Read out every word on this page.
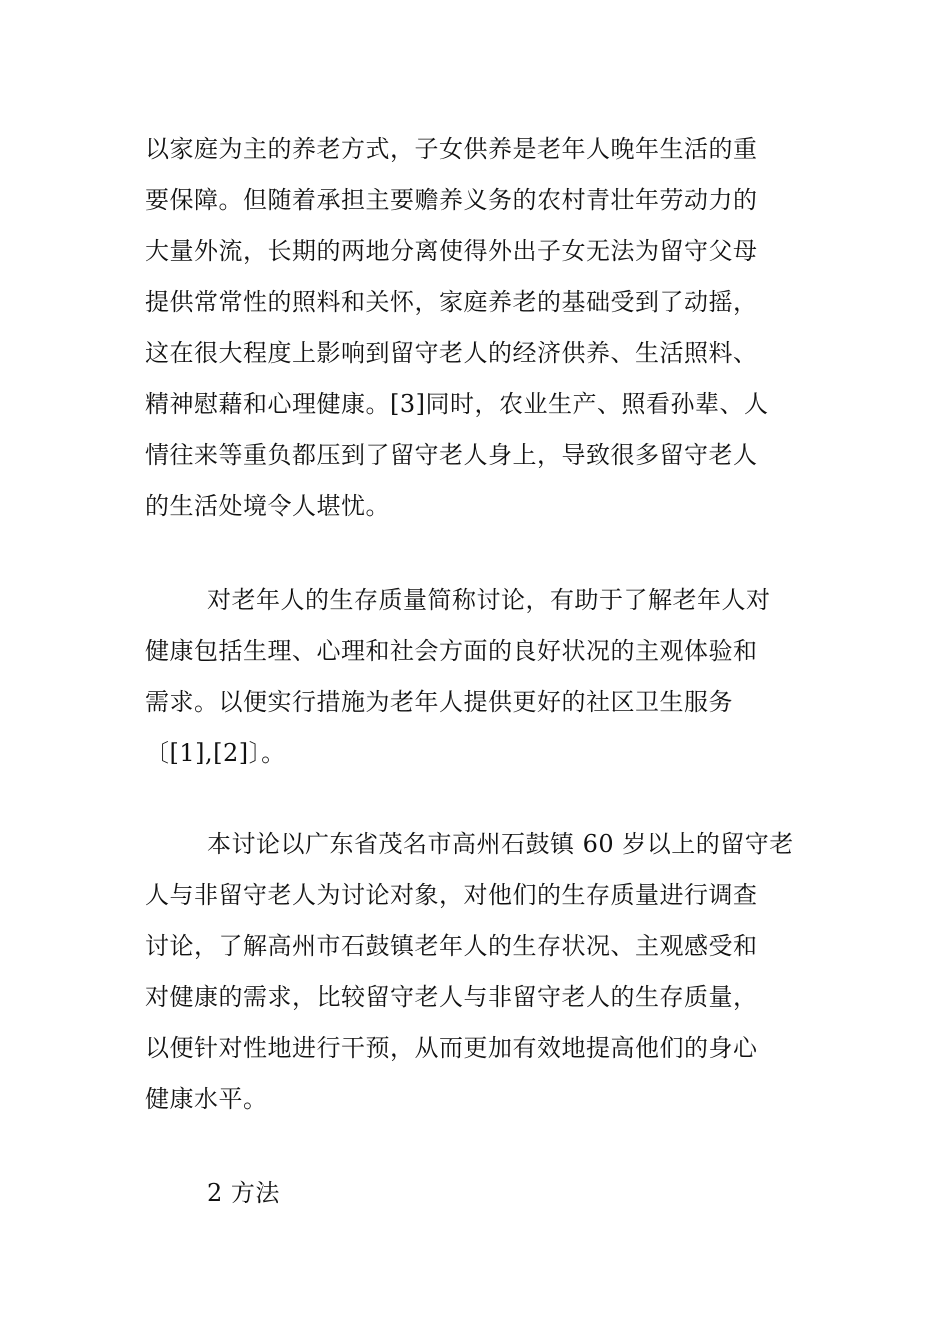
以家庭为主的养老方式，子女供养是老年人晚年生活的重
要保障。但随着承担主要赡养义务的农村青壮年劳动力的
大量外流，长期的两地分离使得外出子女无法为留守父母
提供常常性的照料和关怀，家庭养老的基础受到了动摇，
这在很大程度上影响到留守老人的经济供养、生活照料、
精神慰藉和心理健康。[3]同时，农业生产、照看孙辈、人
情往来等重负都压到了留守老人身上，导致很多留守老人
的生活处境令人堪忧。
对老年人的生存质量简称讨论，有助于了解老年人对
健康包括生理、心理和社会方面的良好状况的主观体验和
需求。以便实行措施为老年人提供更好的社区卫生服务
〔[1],[2]〕。
本讨论以广东省茂名市高州石鼓镇 60 岁以上的留守老
人与非留守老人为讨论对象，对他们的生存质量进行调查
讨论，了解高州市石鼓镇老年人的生存状况、主观感受和
对健康的需求，比较留守老人与非留守老人的生存质量，
以便针对性地进行干预，从而更加有效地提高他们的身心
健康水平。
2 方法
